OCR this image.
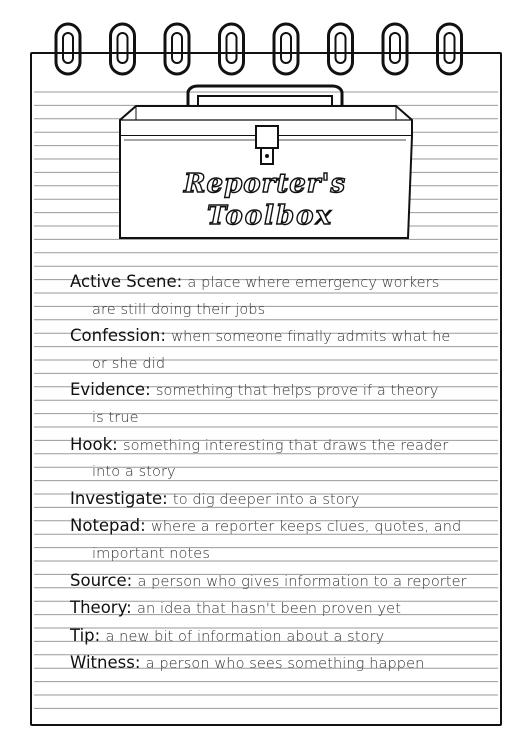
Reporter's
Toolbox
Active Scene: a place where emergency workers
are still doing their jobs
Confession: when someone finally admits what he
or she did
Evidence: something that helps prove if a theory
is true
Hook: something interesting that draws the reader
into a story
Investigate: to dig deeper into a story
Notepad: where a reporter keeps clues, quotes, and
important notes
Source: a person who gives information to a reporter
Theory: an idea that hasn't been proven yet
Tip: a new bit of information about a story
Witness: a person who sees something happen
